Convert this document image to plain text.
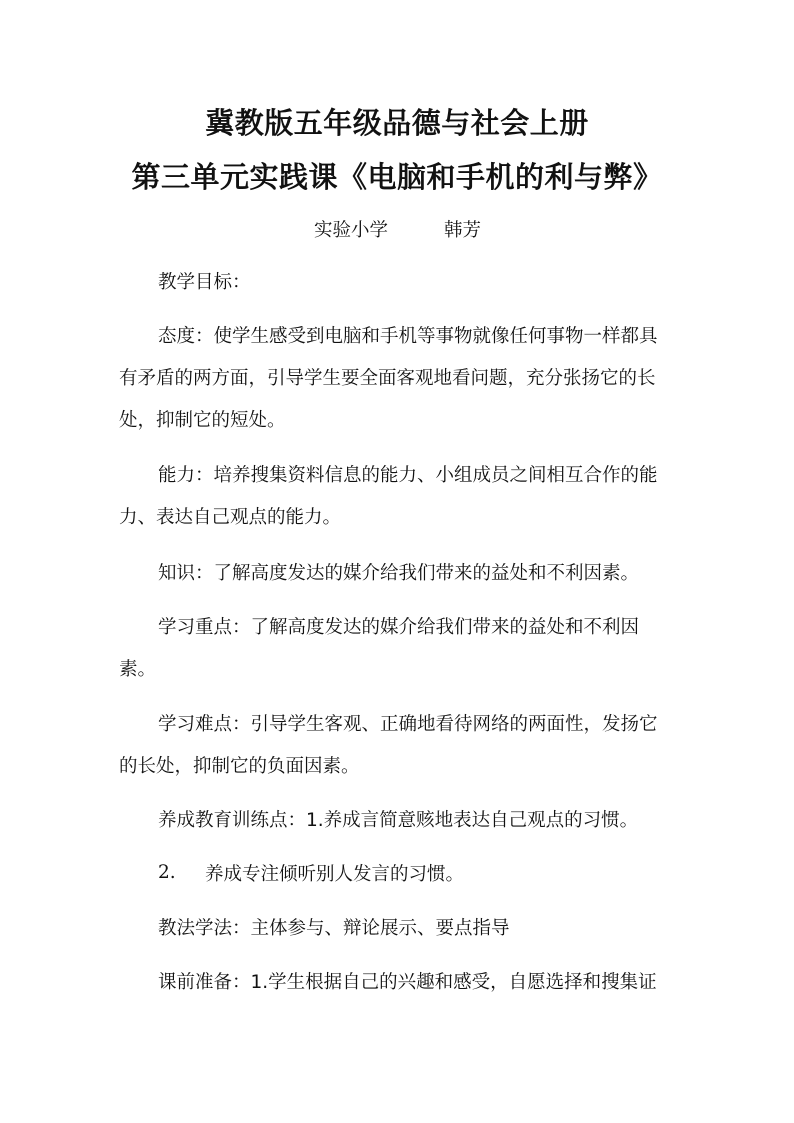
冀教版五年级品德与社会上册
第三单元实践课《电脑和手机的利与弊》
实验小学	韩芳
教学目标：
态度：使学生感受到电脑和手机等事物就像任何事物一样都具
有矛盾的两方面，引导学生要全面客观地看问题，充分张扬它的长
处，抑制它的短处。
能力：培养搜集资料信息的能力、小组成员之间相互合作的能
力、表达自己观点的能力。
知识：了解高度发达的媒介给我们带来的益处和不利因素。
学习重点：了解高度发达的媒介给我们带来的益处和不利因
素。
学习难点：引导学生客观、正确地看待网络的两面性，发扬它
的长处，抑制它的负面因素。
养成教育训练点：1.养成言简意赅地表达自己观点的习惯。
2. 养成专注倾听别人发言的习惯。
教法学法：主体参与、辩论展示、要点指导
课前准备：1.学生根据自己的兴趣和感受，自愿选择和搜集证
